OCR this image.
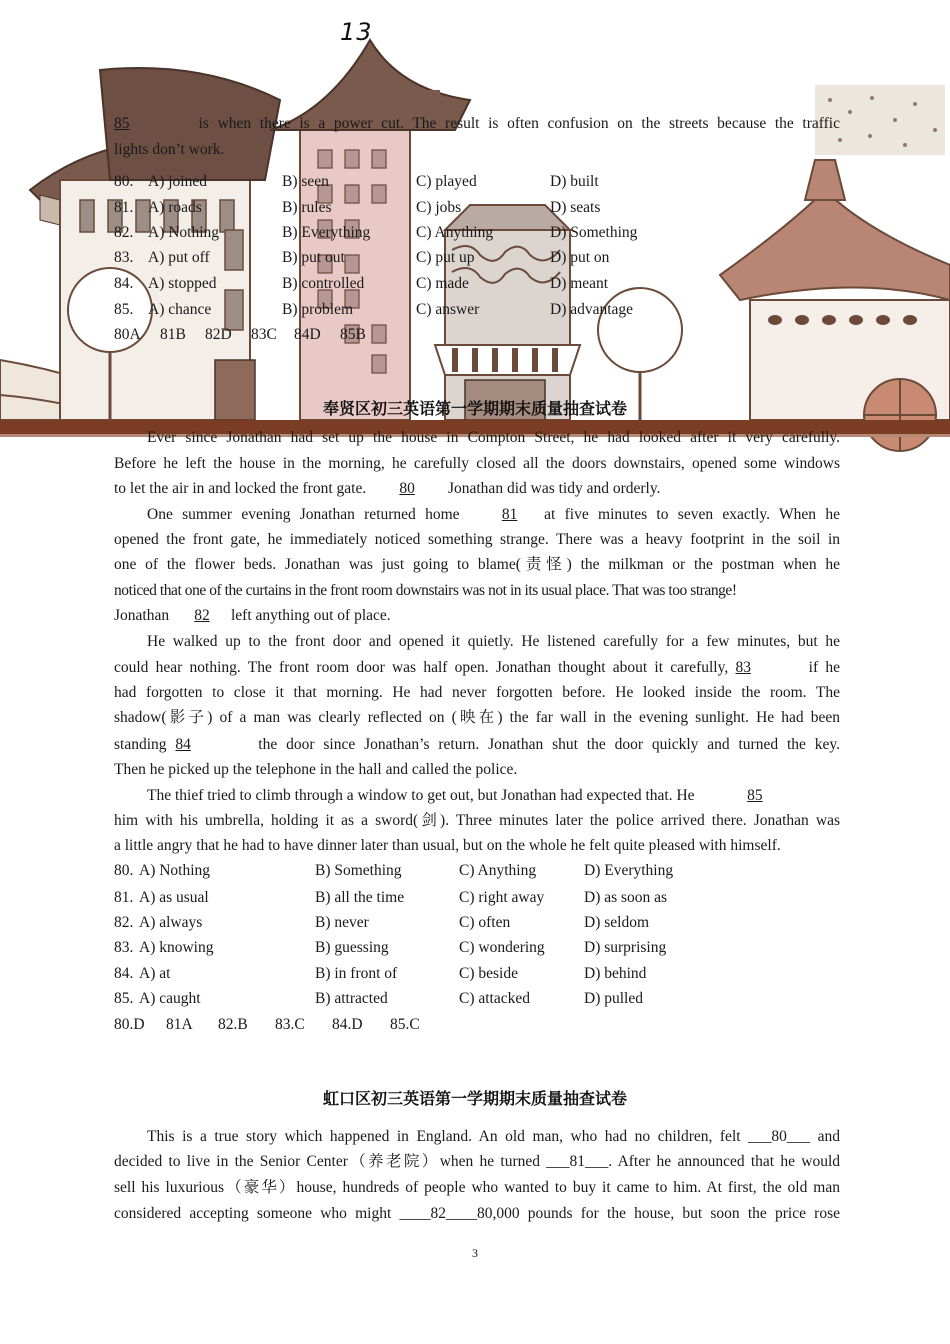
13
85	is when there is a power cut. The result is often confusion on the streets because the traffic
lights don’t work.
80. A) joined	B) seen	C) played	D) built
81. A) roads	B) rules	C) jobs	D) seats
82. A) Nothing	B) Everything	C) Anything	D) Something
83. A) put off	B) put out	C) put up	D) put on
84. A) stopped	B) controlled	C) made	D) meant
85. A) chance	B) problem	C) answer	D) advantage
80A 81B 82D 83C 84D 85B
奉贤区初三英语第一学期期末质量抽查试卷
Ever since Jonathan had set up the house in Compton Street, he had looked after it very carefully.
Before he left the house in the morning, he carefully closed all the doors downstairs, opened some windows
to let the air in and locked the front gate. 80 Jonathan did was tidy and orderly.
One summer evening Jonathan returned home 81 at five minutes to seven exactly. When he
opened the front gate, he immediately noticed something strange. There was a heavy footprint in the soil in
one of the flower beds. Jonathan was just going to blame(责怪) the milkman or the postman when he
noticed that one of the curtains in the front room downstairs was not in its usual place. That was too strange!
Jonathan 82 left anything out of place.
He walked up to the front door and opened it quietly. He listened carefully for a few minutes, but he
could hear nothing. The front room door was half open. Jonathan thought about it carefully, 83	if he
had forgotten to close it that morning. He had never forgotten before. He looked inside the room. The
shadow(影子) of a man was clearly reflected on (映在) the far wall in the evening sunlight. He had been
standing 84	the door since Jonathan’s return. Jonathan shut the door quickly and turned the key.
Then he picked up the telephone in the hall and called the police.
The thief tried to climb through a window to get out, but Jonathan had expected that. He	85
him with his umbrella, holding it as a sword(剑). Three minutes later the police arrived there. Jonathan was
a little angry that he had to have dinner later than usual, but on the whole he felt quite pleased with himself.
80. A) Nothing	B) Something	C) Anything	D) Everything
81. A) as usual	B) all the time	C) right away	D) as soon as
82. A) always	B) never	C) often	D) seldom
83. A) knowing	B) guessing	C) wondering	D) surprising
84. A) at	B) in front of	C) beside	D) behind
85. A) caught	B) attracted	C) attacked	D) pulled
80.D 81A 82.B 83.C 84.D 85.C
虹口区初三英语第一学期期末质量抽查试卷
This is a true story which happened in England. An old man, who had no children, felt ___80___ and
decided to live in the Senior Center（养老院）when he turned ___81___. After he announced that he would
sell his luxurious（豪华）house, hundreds of people who wanted to buy it came to him. At first, the old man
considered accepting someone who might ____82____80,000 pounds for the house, but soon the price rose
3
